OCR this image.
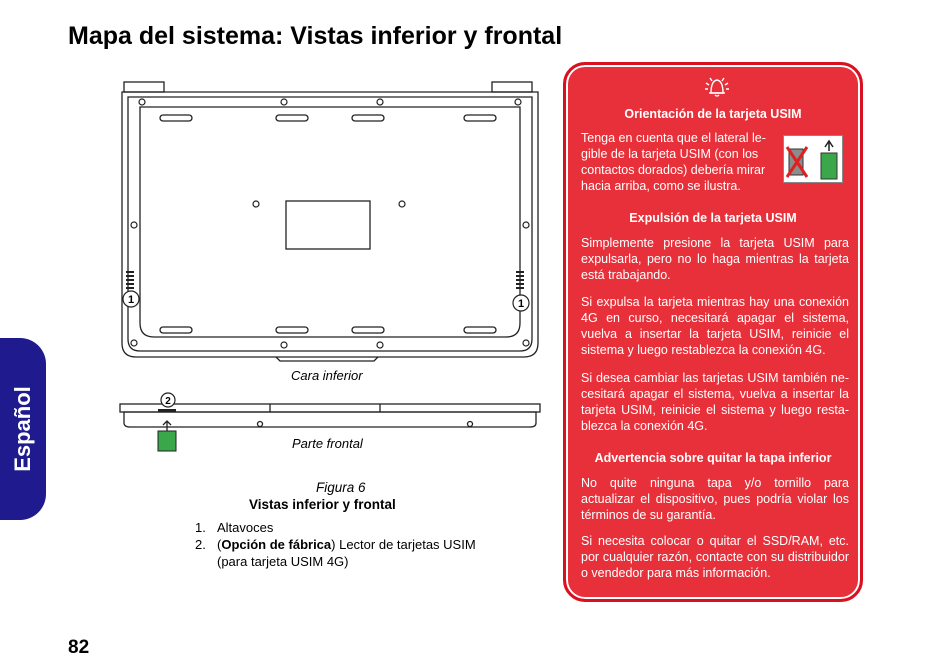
Mapa del sistema: Vistas inferior y frontal
Español
82
1	1
2
Cara inferior
Parte frontal
Figura 6
Vistas inferior y frontal
1. Altavoces
2. (Opción de fábrica) Lector de tarjetas USIM (para tarjeta USIM 4G)
Orientación de la tarjeta USIM

Tenga en cuenta que el lateral le-gible de la tarjeta USIM (con los contactos dorados) debería mirar hacia arriba, como se ilustra.

Expulsión de la tarjeta USIM

Simplemente presione la tarjeta USIM para expulsarla, pero no lo haga mientras la tarjeta está trabajando.

Si expulsa la tarjeta mientras hay una conexión 4G en curso, necesitará apagar el sistema, vuelva a insertar la tarjeta USIM, reinicie el sistema y luego restablezca la conexión 4G.

Si desea cambiar las tarjetas USIM también ne-cesitará apagar el sistema, vuelva a insertar la tarjeta USIM, reinicie el sistema y luego resta-blezca la conexión 4G.

Advertencia sobre quitar la tapa inferior

No quite ninguna tapa y/o tornillo para actualizar el dispositivo, pues podría violar los términos de su garantía.

Si necesita colocar o quitar el SSD/RAM, etc. por cualquier razón, contacte con su distribuidor o vendedor para más información.
